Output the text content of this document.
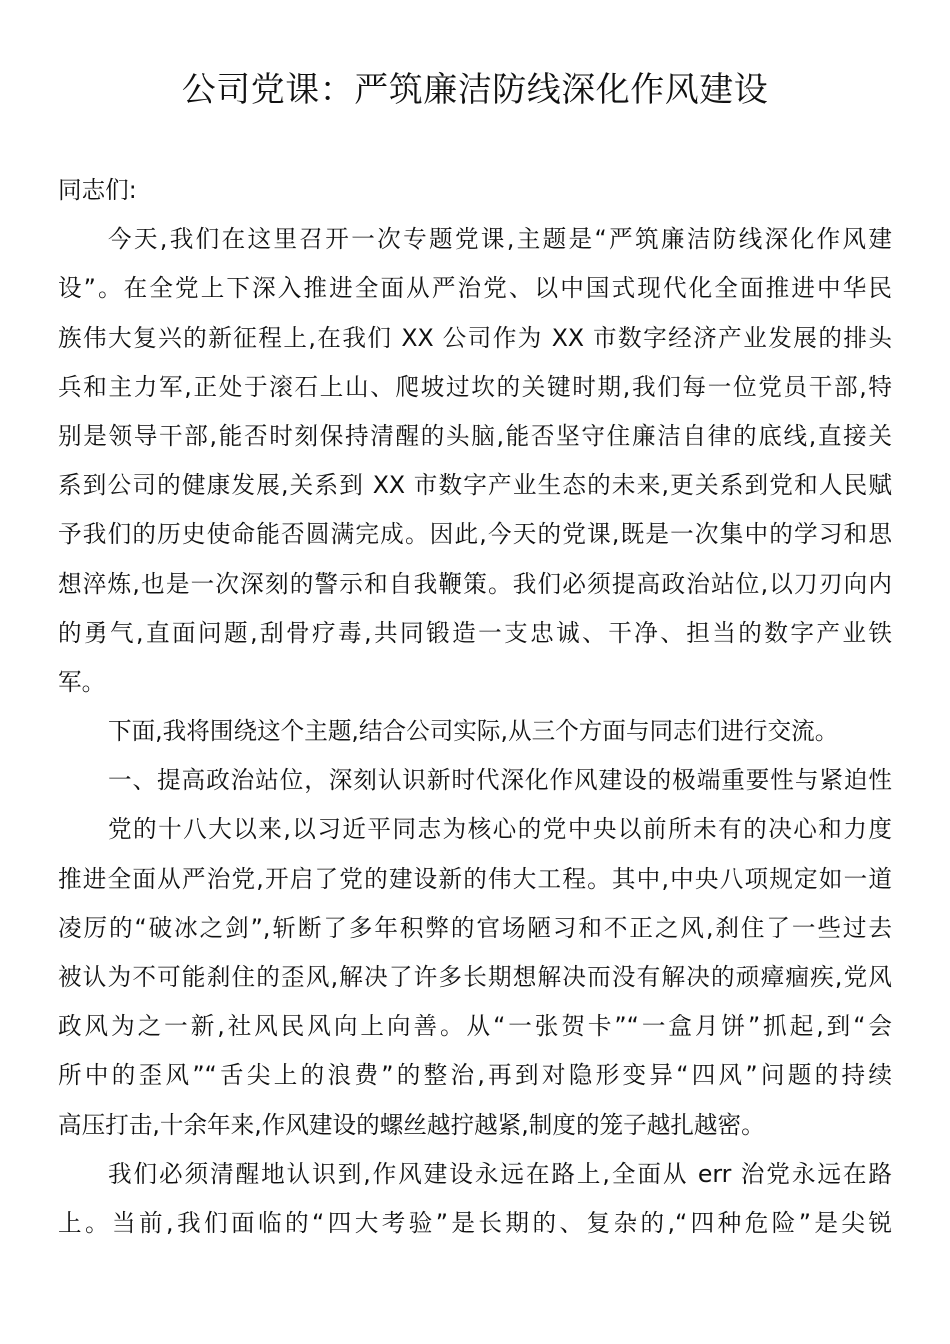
公司党课：严筑廉洁防线深化作风建设
同志们:
今天,我们在这里召开一次专题党课,主题是“严筑廉洁防线深化作风建
设”。在全党上下深入推进全面从严治党、以中国式现代化全面推进中华民
族伟大复兴的新征程上,在我们 XX 公司作为 XX 市数字经济产业发展的排头
兵和主力军,正处于滚石上山、爬坡过坎的关键时期,我们每一位党员干部,特
别是领导干部,能否时刻保持清醒的头脑,能否坚守住廉洁自律的底线,直接关
系到公司的健康发展,关系到 XX 市数字产业生态的未来,更关系到党和人民赋
予我们的历史使命能否圆满完成。因此,今天的党课,既是一次集中的学习和思
想淬炼,也是一次深刻的警示和自我鞭策。我们必须提高政治站位,以刀刃向内
的勇气,直面问题,刮骨疗毒,共同锻造一支忠诚、干净、担当的数字产业铁
军。
下面,我将围绕这个主题,结合公司实际,从三个方面与同志们进行交流。
一、提高政治站位，深刻认识新时代深化作风建设的极端重要性与紧迫性
党的十八大以来,以习近平同志为核心的党中央以前所未有的决心和力度
推进全面从严治党,开启了党的建设新的伟大工程。其中,中央八项规定如一道
凌厉的“破冰之剑”,斩断了多年积弊的官场陋习和不正之风,刹住了一些过去
被认为不可能刹住的歪风,解决了许多长期想解决而没有解决的顽瘴痼疾,党风
政风为之一新,社风民风向上向善。从“一张贺卡”“一盒月饼”抓起,到“会
所中的歪风”“舌尖上的浪费”的整治,再到对隐形变异“四风”问题的持续
高压打击,十余年来,作风建设的螺丝越拧越紧,制度的笼子越扎越密。
我们必须清醒地认识到,作风建设永远在路上,全面从 err 治党永远在路
上。当前,我们面临的“四大考验”是长期的、复杂的,“四种危险”是尖锐
